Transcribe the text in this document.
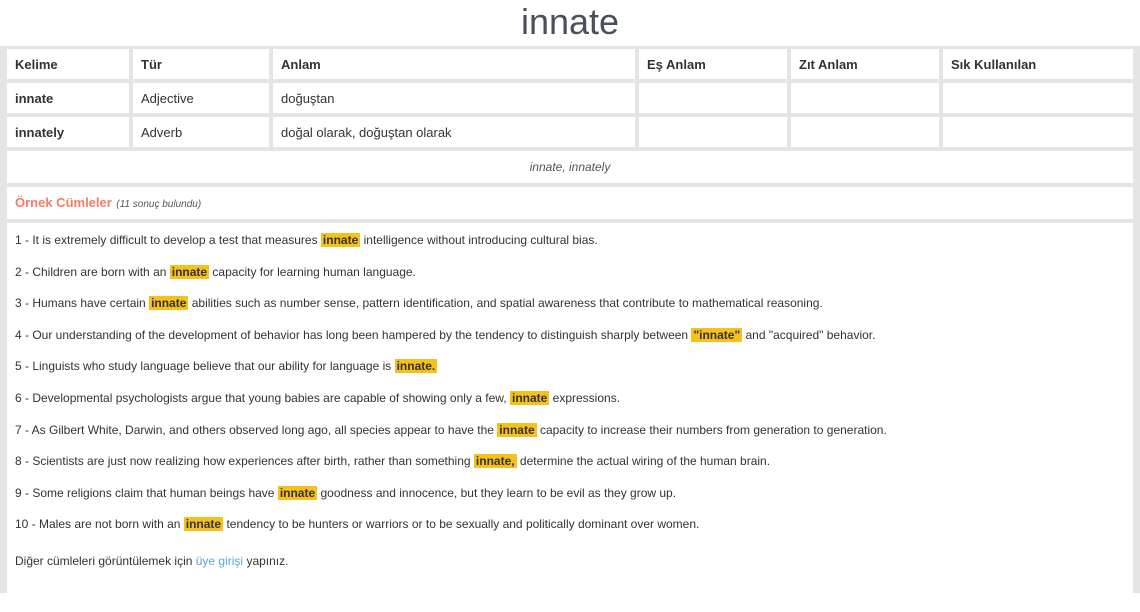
innate
Kelime	Tür	Anlam	Eş Anlam	Zıt Anlam	Sık Kullanılan
innate	Adjective	doğuştan			
innately	Adverb	doğal olarak, doğuştan olarak			
innate, innately
Örnek Cümleler (11 sonuç bulundu)
1 - It is extremely difficult to develop a test that measures innate intelligence without introducing cultural bias.
2 - Children are born with an innate capacity for learning human language.
3 - Humans have certain innate abilities such as number sense, pattern identification, and spatial awareness that contribute to mathematical reasoning.
4 - Our understanding of the development of behavior has long been hampered by the tendency to distinguish sharply between "innate" and "acquired" behavior.
5 - Linguists who study language believe that our ability for language is innate.
6 - Developmental psychologists argue that young babies are capable of showing only a few, innate expressions.
7 - As Gilbert White, Darwin, and others observed long ago, all species appear to have the innate capacity to increase their numbers from generation to generation.
8 - Scientists are just now realizing how experiences after birth, rather than something innate, determine the actual wiring of the human brain.
9 - Some religions claim that human beings have innate goodness and innocence, but they learn to be evil as they grow up.
10 - Males are not born with an innate tendency to be hunters or warriors or to be sexually and politically dominant over women.
Diğer cümleleri görüntülemek için üye girişi yapınız.
